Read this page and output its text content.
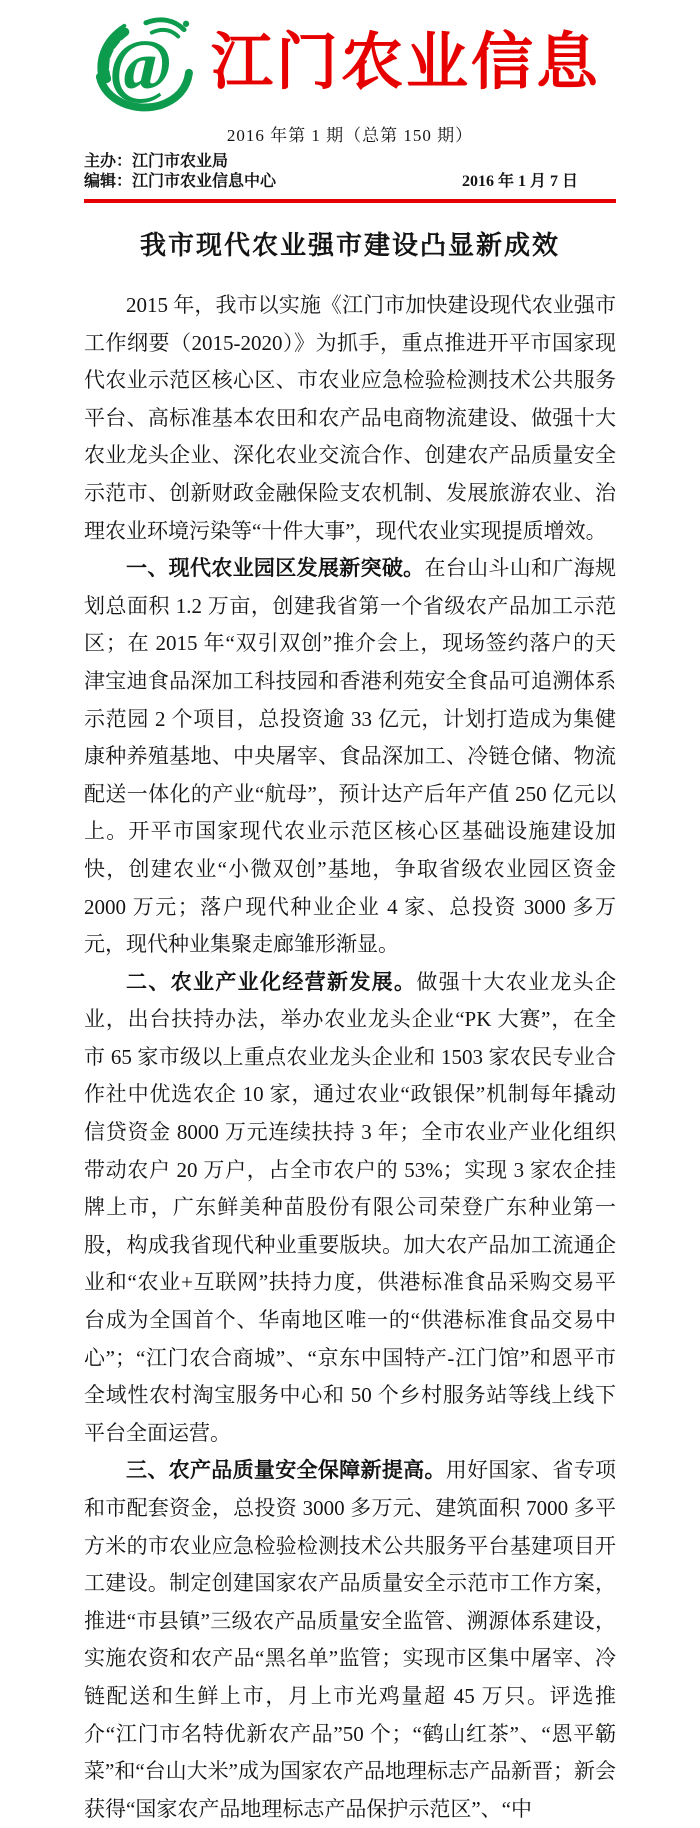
@ 江门农业信息
2016 年第 1 期（总第 150 期）
主办：江门市农业局
编辑：江门市农业信息中心	2016 年 1 月 7 日
我市现代农业强市建设凸显新成效

2015 年，我市以实施《江门市加快建设现代农业强市工作纲要（2015-2020）》为抓手，重点推进开平市国家现代农业示范区核心区、市农业应急检验检测技术公共服务平台、高标准基本农田和农产品电商物流建设、做强十大农业龙头企业、深化农业交流合作、创建农产品质量安全示范市、创新财政金融保险支农机制、发展旅游农业、治理农业环境污染等“十件大事”，现代农业实现提质增效。

一、现代农业园区发展新突破。在台山斗山和广海规划总面积 1.2 万亩，创建我省第一个省级农产品加工示范区；在 2015 年“双引双创”推介会上，现场签约落户的天津宝迪食品深加工科技园和香港利苑安全食品可追溯体系示范园 2 个项目，总投资逾 33 亿元，计划打造成为集健康种养殖基地、中央屠宰、食品深加工、冷链仓储、物流配送一体化的产业“航母”，预计达产后年产值 250 亿元以上。开平市国家现代农业示范区核心区基础设施建设加快，创建农业“小微双创”基地，争取省级农业园区资金 2000 万元；落户现代种业企业 4 家、总投资 3000 多万元，现代种业集聚走廊雏形渐显。

二、农业产业化经营新发展。做强十大农业龙头企业，出台扶持办法，举办农业龙头企业“PK 大赛”，在全市 65 家市级以上重点农业龙头企业和 1503 家农民专业合作社中优选农企 10 家，通过农业“政银保”机制每年撬动信贷资金 8000 万元连续扶持 3 年；全市农业产业化组织带动农户 20 万户，占全市农户的 53%；实现 3 家农企挂牌上市，广东鲜美种苗股份有限公司荣登广东种业第一股，构成我省现代种业重要版块。加大农产品加工流通企业和“农业+互联网”扶持力度，供港标准食品采购交易平台成为全国首个、华南地区唯一的“供港标准食品交易中心”；“江门农合商城”、“京东中国特产-江门馆”和恩平市全域性农村淘宝服务中心和 50 个乡村服务站等线上线下平台全面运营。

三、农产品质量安全保障新提高。用好国家、省专项和市配套资金，总投资 3000 多万元、建筑面积 7000 多平方米的市农业应急检验检测技术公共服务平台基建项目开工建设。制定创建国家农产品质量安全示范市工作方案，推进“市县镇”三级农产品质量安全监管、溯源体系建设，实施农资和农产品“黑名单”监管；实现市区集中屠宰、冷链配送和生鲜上市，月上市光鸡量超 45 万只。评选推介“江门市名特优新农产品”50 个；“鹤山红茶”、“恩平簕菜”和“台山大米”成为国家农产品地理标志产品新晋；新会获得“国家农产品地理标志产品保护示范区”、“中
